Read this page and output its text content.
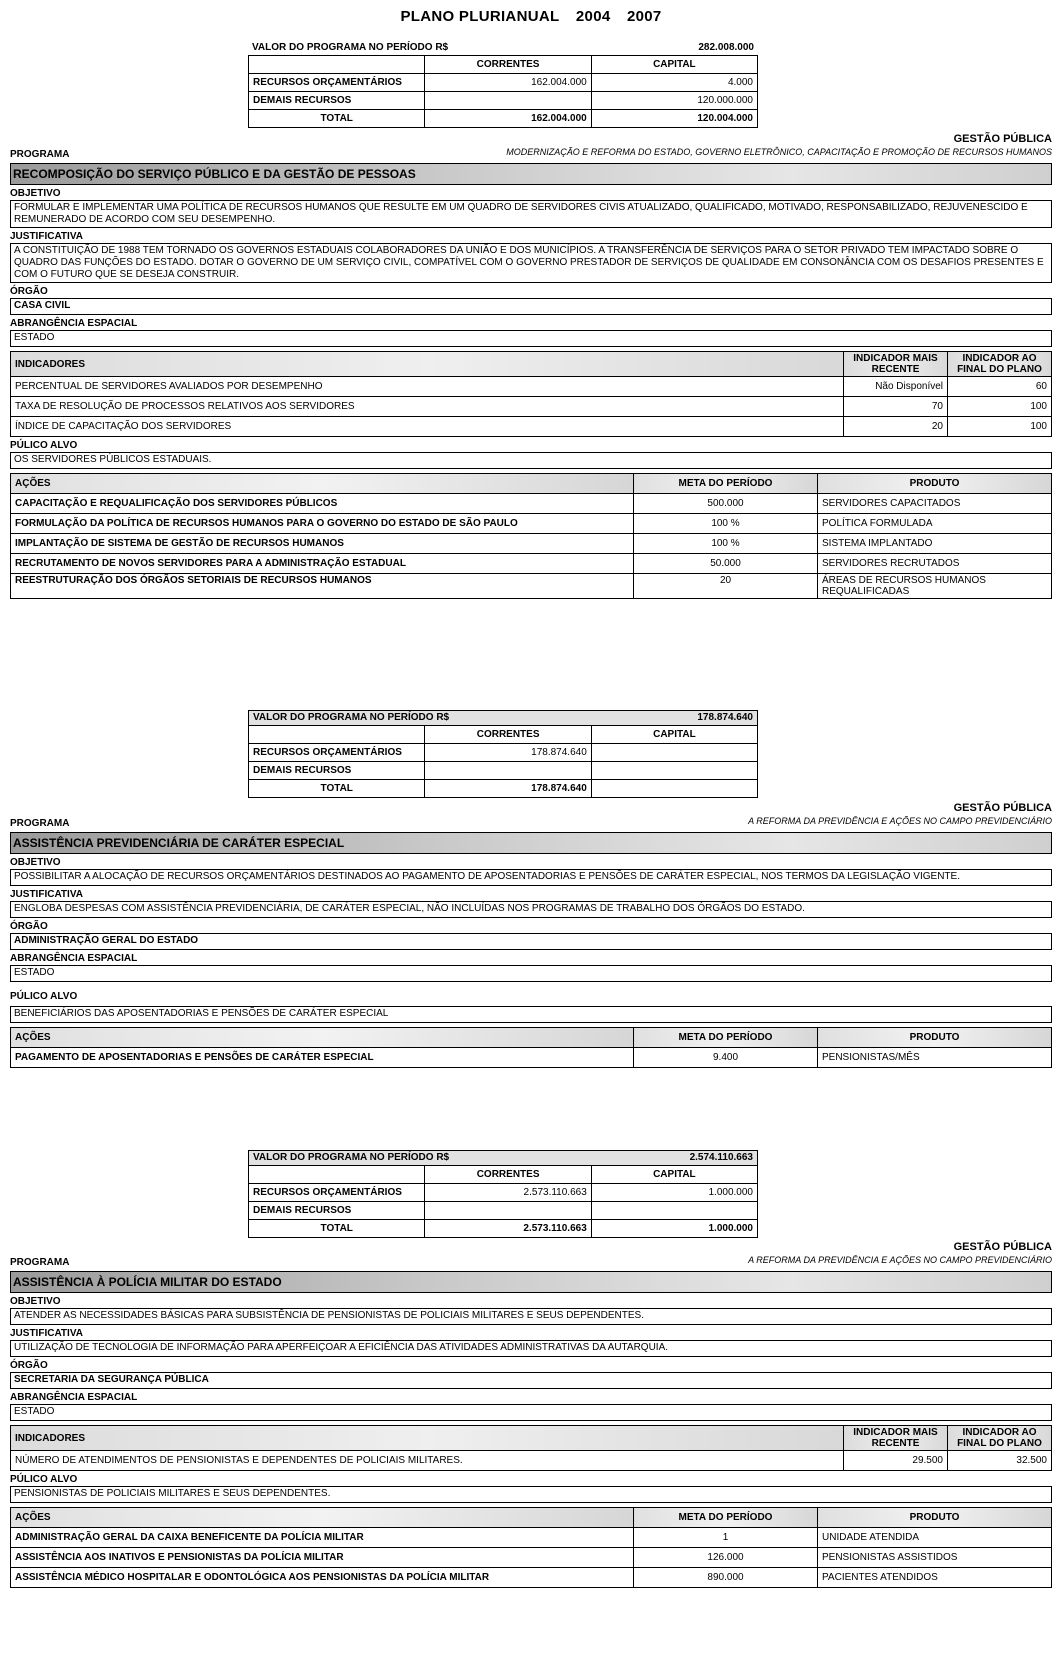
PLANO PLURIANUAL 2004 2007
VALOR DO PROGRAMA NO PERÍODO R$	282.008.000
	CORRENTES	CAPITAL
RECURSOS ORÇAMENTÁRIOS	162.004.000	4.000
DEMAIS RECURSOS		120.000.000
TOTAL	162.004.000	120.004.000
GESTÃO PÚBLICA
MODERNIZAÇÃO E REFORMA DO ESTADO, GOVERNO ELETRÔNICO, CAPACITAÇÃO E PROMOÇÃO DE RECURSOS HUMANOS
PROGRAMA
RECOMPOSIÇÃO DO SERVIÇO PÚBLICO E DA GESTÃO DE PESSOAS
OBJETIVO
FORMULAR E IMPLEMENTAR UMA POLÍTICA DE RECURSOS HUMANOS QUE RESULTE EM UM QUADRO DE SERVIDORES CIVIS ATUALIZADO, QUALIFICADO, MOTIVADO, RESPONSABILIZADO, REJUVENESCIDO E REMUNERADO DE ACORDO COM SEU DESEMPENHO.
JUSTIFICATIVA
A CONSTITUIÇÃO DE 1988 TEM TORNADO OS GOVERNOS ESTADUAIS COLABORADORES DA UNIÃO E DOS MUNICÍPIOS. A TRANSFERÊNCIA DE SERVIÇOS PARA O SETOR PRIVADO TEM IMPACTADO SOBRE O QUADRO DAS FUNÇÕES DO ESTADO. DOTAR O GOVERNO DE UM SERVIÇO CIVIL, COMPATÍVEL COM O GOVERNO PRESTADOR DE SERVIÇOS DE QUALIDADE EM CONSONÂNCIA COM OS DESAFIOS PRESENTES E COM O FUTURO QUE SE DESEJA CONSTRUIR.
ÓRGÃO
CASA CIVIL
ABRANGÊNCIA ESPACIAL
ESTADO
INDICADORES	INDICADOR MAIS RECENTE	INDICADOR AO FINAL DO PLANO
PERCENTUAL DE SERVIDORES AVALIADOS POR DESEMPENHO	Não Disponível	60
TAXA DE RESOLUÇÃO DE PROCESSOS RELATIVOS AOS SERVIDORES	70	100
ÍNDICE DE CAPACITAÇÃO DOS SERVIDORES	20	100
PÚLICO ALVO
OS SERVIDORES PÚBLICOS ESTADUAIS.
AÇÕES	META DO PERÍODO	PRODUTO
CAPACITAÇÃO E REQUALIFICAÇÃO DOS SERVIDORES PÚBLICOS	500.000	SERVIDORES CAPACITADOS
FORMULAÇÃO DA POLÍTICA DE RECURSOS HUMANOS PARA O GOVERNO DO ESTADO DE SÃO PAULO	100 %	POLÍTICA FORMULADA
IMPLANTAÇÃO DE SISTEMA DE GESTÃO DE RECURSOS HUMANOS	100 %	SISTEMA IMPLANTADO
RECRUTAMENTO DE NOVOS SERVIDORES PARA A ADMINISTRAÇÃO ESTADUAL	50.000	SERVIDORES RECRUTADOS
REESTRUTURAÇÃO DOS ÓRGÃOS SETORIAIS DE RECURSOS HUMANOS	20	ÁREAS DE RECURSOS HUMANOS REQUALIFICADAS
VALOR DO PROGRAMA NO PERÍODO R$	178.874.640
	CORRENTES	CAPITAL
RECURSOS ORÇAMENTÁRIOS	178.874.640	
DEMAIS RECURSOS		
TOTAL	178.874.640	
GESTÃO PÚBLICA
A REFORMA DA PREVIDÊNCIA E AÇÕES NO CAMPO PREVIDENCIÁRIO
PROGRAMA
ASSISTÊNCIA PREVIDENCIÁRIA DE CARÁTER ESPECIAL
OBJETIVO
POSSIBILITAR A ALOCAÇÃO DE RECURSOS ORÇAMENTÁRIOS DESTINADOS AO PAGAMENTO DE APOSENTADORIAS E PENSÕES DE CARÁTER ESPECIAL, NOS TERMOS DA LEGISLAÇÃO VIGENTE.
JUSTIFICATIVA
ENGLOBA DESPESAS COM ASSISTÊNCIA PREVIDENCIÁRIA, DE CARÁTER ESPECIAL, NÃO INCLUÍDAS NOS PROGRAMAS DE TRABALHO DOS ÓRGÃOS DO ESTADO.
ÓRGÃO
ADMINISTRAÇÃO GERAL DO ESTADO
ABRANGÊNCIA ESPACIAL
ESTADO
PÚLICO ALVO
BENEFICIÁRIOS DAS APOSENTADORIAS E PENSÕES DE CARÁTER ESPECIAL
AÇÕES	META DO PERÍODO	PRODUTO
PAGAMENTO DE APOSENTADORIAS E PENSÕES DE CARÁTER ESPECIAL	9.400	PENSIONISTAS/MÊS
VALOR DO PROGRAMA NO PERÍODO R$	2.574.110.663
	CORRENTES	CAPITAL
RECURSOS ORÇAMENTÁRIOS	2.573.110.663	1.000.000
DEMAIS RECURSOS		
TOTAL	2.573.110.663	1.000.000
GESTÃO PÚBLICA
A REFORMA DA PREVIDÊNCIA E AÇÕES NO CAMPO PREVIDENCIÁRIO
PROGRAMA
ASSISTÊNCIA À POLÍCIA MILITAR DO ESTADO
OBJETIVO
ATENDER AS NECESSIDADES BÁSICAS PARA SUBSISTÊNCIA DE PENSIONISTAS DE POLICIAIS MILITARES E SEUS DEPENDENTES.
JUSTIFICATIVA
UTILIZAÇÃO DE TECNOLOGIA DE INFORMAÇÃO PARA APERFEIÇOAR A EFICIÊNCIA DAS ATIVIDADES ADMINISTRATIVAS DA AUTARQUIA.
ÓRGÃO
SECRETARIA DA SEGURANÇA PÚBLICA
ABRANGÊNCIA ESPACIAL
ESTADO
INDICADORES	INDICADOR MAIS RECENTE	INDICADOR AO FINAL DO PLANO
NÚMERO DE ATENDIMENTOS DE PENSIONISTAS E DEPENDENTES DE POLICIAIS MILITARES.	29.500	32.500
PÚLICO ALVO
PENSIONISTAS DE POLICIAIS MILITARES E SEUS DEPENDENTES.
AÇÕES	META DO PERÍODO	PRODUTO
ADMINISTRAÇÃO GERAL DA CAIXA BENEFICENTE DA POLÍCIA MILITAR	1	UNIDADE ATENDIDA
ASSISTÊNCIA AOS INATIVOS E PENSIONISTAS DA POLÍCIA MILITAR	126.000	PENSIONISTAS ASSISTIDOS
ASSISTÊNCIA MÉDICO HOSPITALAR E ODONTOLÓGICA AOS PENSIONISTAS DA POLÍCIA MILITAR	890.000	PACIENTES ATENDIDOS
